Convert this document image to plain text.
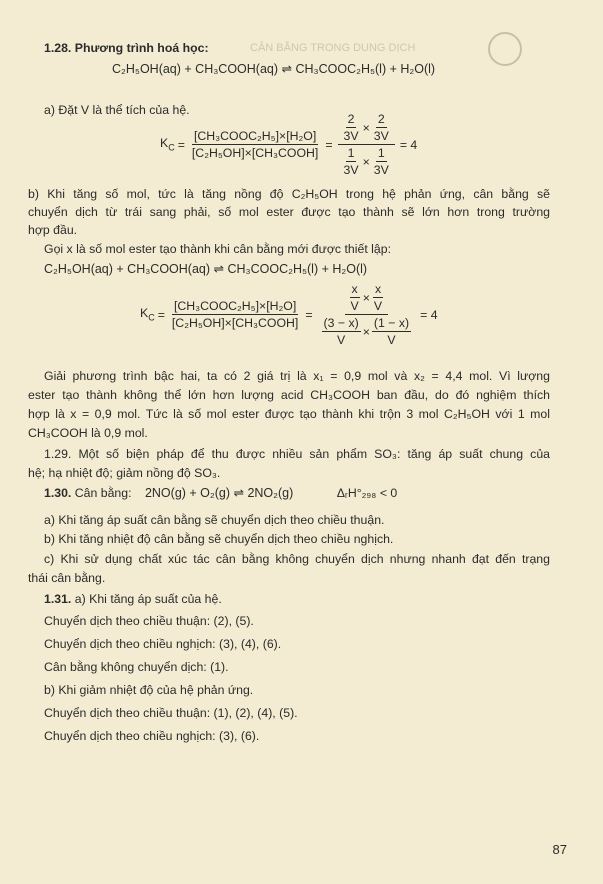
CÂN BẰNG TRONG DUNG DỊCH
1.28. Phương trình hoá học:
C₂H₅OH(aq) + CH₃COOH(aq) ⇌ CH₃COOC₂H₅(l) + H₂O(l)
a) Đặt V là thể tích của hệ.
$K_C = \frac{\text{[CH₃COOC₂H₅]×[H₂O]}}{\text{[C₂H₅OH]×[CH₃COOH]}} = \frac{\frac{2}{3V} \times \frac{2}{3V}}{\frac{1}{3V} \times \frac{1}{3V}} = 4$
b) Khi tăng số mol, tức là tăng nồng độ C₂H₅OH trong hệ phản ứng, cân bằng sẽ
chuyển dịch từ trái sang phải, số mol ester được tạo thành sẽ lớn hơn trong trường
hợp đầu.
Gọi x là số mol ester tạo thành khi cân bằng mới được thiết lập:
C₂H₅OH(aq) + CH₃COOH(aq) ⇌ CH₃COOC₂H₅(l) + H₂O(l)
$K_C = \frac{\text{[CH₃COOC₂H₅]×[H₂O]}}{\text{[C₂H₅OH]×[CH₃COOH]}} = \frac{\frac{x}{V} \times \frac{x}{V}}{\frac{(3 - x)}{V} \times \frac{(1 - x)}{V}} = 4$
Giải phương trình bậc hai, ta có 2 giá trị là x₁ = 0,9 mol và x₂ = 4,4 mol. Vì lượng
ester tạo thành không thể lớn hơn lượng acid CH₃COOH ban đầu, do đó nghiệm thích
hợp là x = 0,9 mol. Tức là số mol ester được tạo thành khi trộn 3 mol C₂H₅OH với 1 mol
CH₃COOH là 0,9 mol.
1.29. Một số biện pháp để thu được nhiều sản phẩm SO₃: tăng áp suất chung của
hệ; hạ nhiệt độ; giảm nồng độ SO₃.
1.30. Cân bằng: 2NO(g) + O₂(g) ⇌ 2NO₂(g)	ΔᵣH°₂₉₈ < 0
a) Khi tăng áp suất cân bằng sẽ chuyển dịch theo chiều thuận.
b) Khi tăng nhiệt độ cân bằng sẽ chuyển dịch theo chiều nghịch.
c) Khi sử dụng chất xúc tác cân bằng không chuyển dịch nhưng nhanh đạt đến trạng
thái cân bằng.
1.31. a) Khi tăng áp suất của hệ.
Chuyển dịch theo chiều thuận: (2), (5).
Chuyển dịch theo chiều nghịch: (3), (4), (6).
Cân bằng không chuyển dịch: (1).
b) Khi giảm nhiệt độ của hệ phản ứng.
Chuyển dịch theo chiều thuận: (1), (2), (4), (5).
Chuyển dịch theo chiều nghịch: (3), (6).
87
